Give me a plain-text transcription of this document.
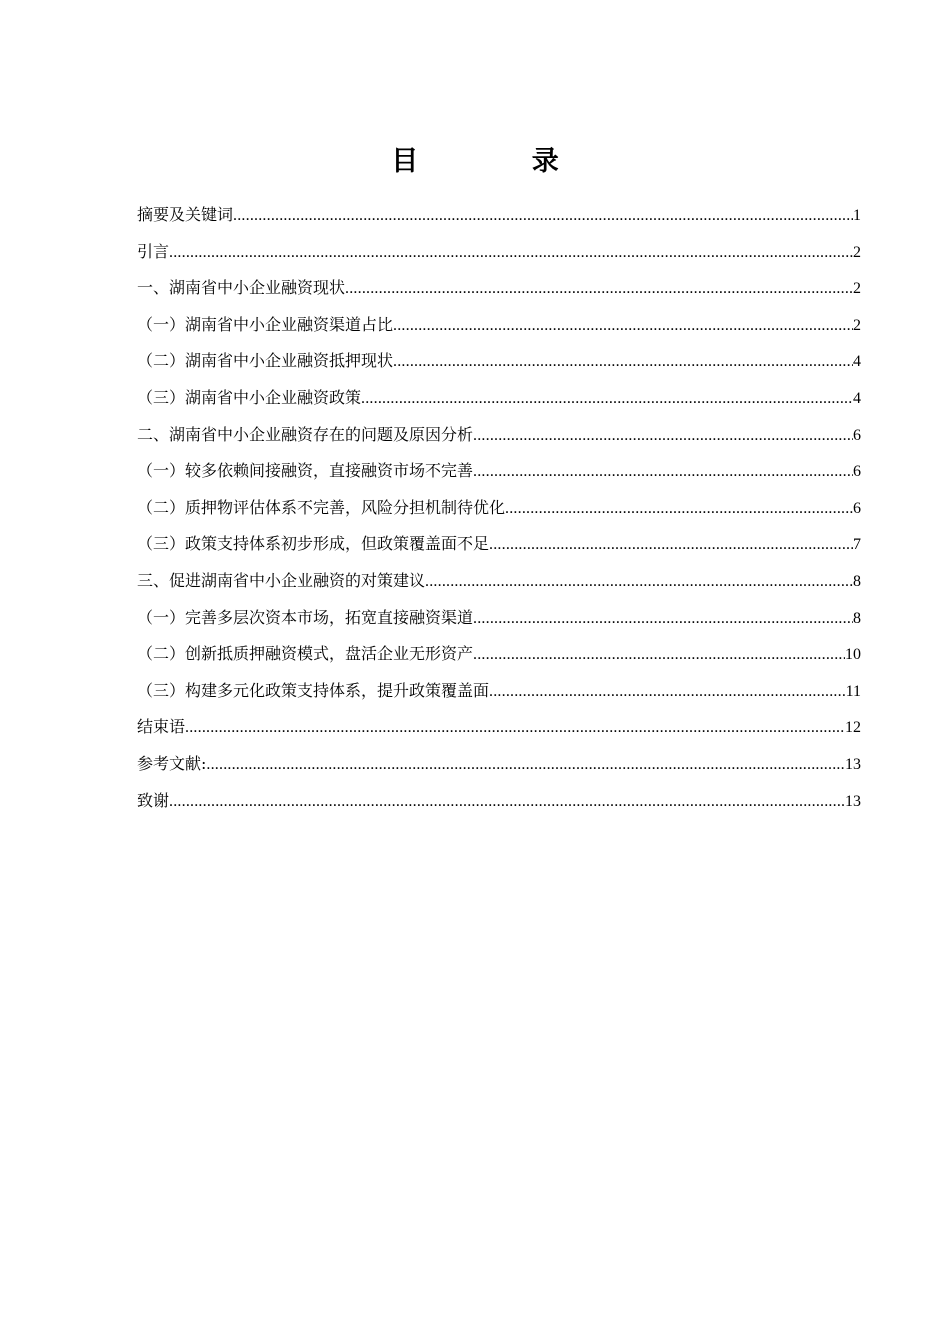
目 录
摘要及关键词 .....	1
引言 .....	2
一、湖南省中小企业融资现状 .....	2
（一）湖南省中小企业融资渠道占比 .....	2
（二）湖南省中小企业融资抵押现状 .....	4
（三）湖南省中小企业融资政策 .....	4
二、湖南省中小企业融资存在的问题及原因分析 .....	6
（一）较多依赖间接融资，直接融资市场不完善 .....	6
（二）质押物评估体系不完善，风险分担机制待优化 .....	6
（三）政策支持体系初步形成，但政策覆盖面不足 .....	7
三、促进湖南省中小企业融资的对策建议 .....	8
（一）完善多层次资本市场，拓宽直接融资渠道 .....	8
（二）创新抵质押融资模式，盘活企业无形资产 .....	10
（三）构建多元化政策支持体系，提升政策覆盖面 .....	11
结束语 .....	12
参考文献: .....	13
致谢 .....	13
